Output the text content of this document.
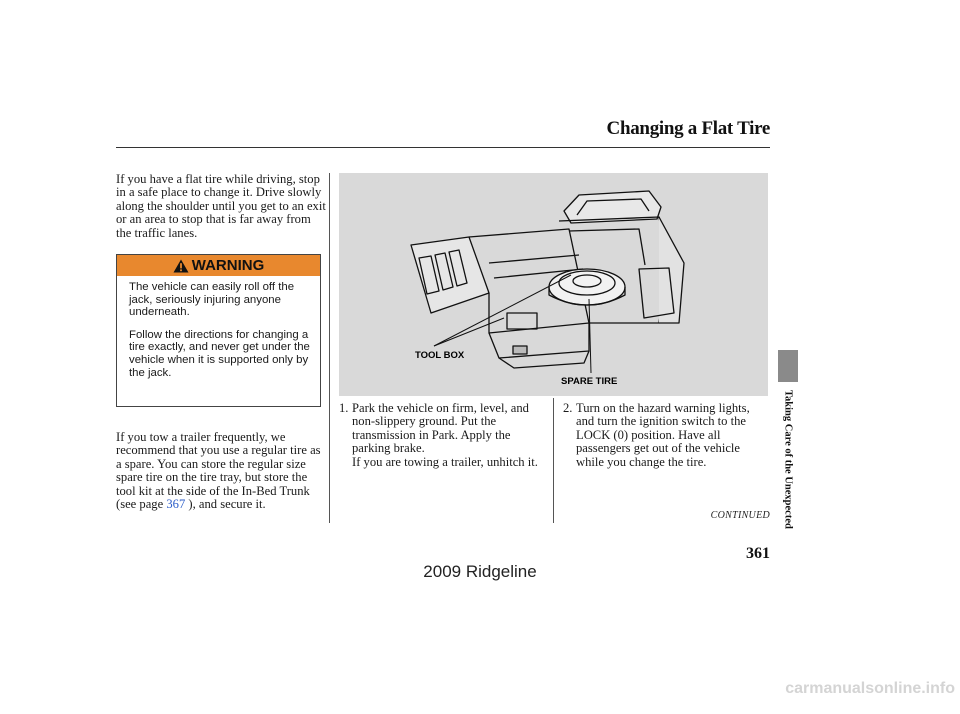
Changing a Flat Tire
If you have a flat tire while driving, stop in a safe place to change it. Drive slowly along the shoulder until you get to an exit or an area to stop that is far away from the traffic lanes.
WARNING

The vehicle can easily roll off the jack, seriously injuring anyone underneath.

Follow the directions for changing a tire exactly, and never get under the vehicle when it is supported only by the jack.

If you tow a trailer frequently, we recommend that you use a regular tire as a spare. You can store the regular size spare tire on the tire tray, but store the tool kit at the side of the In-Bed Trunk (see page 367 ), and secure it.
TOOL BOX
SPARE TIRE
1. Park the vehicle on firm, level, and non-slippery ground. Put the transmission in Park. Apply the parking brake.
If you are towing a trailer, unhitch it.
2. Turn on the hazard warning lights, and turn the ignition switch to the LOCK (0) position. Have all passengers get out of the vehicle while you change the tire.
CONTINUED
361
Taking Care of the Unexpected
2009 Ridgeline
carmanualsonline.info
